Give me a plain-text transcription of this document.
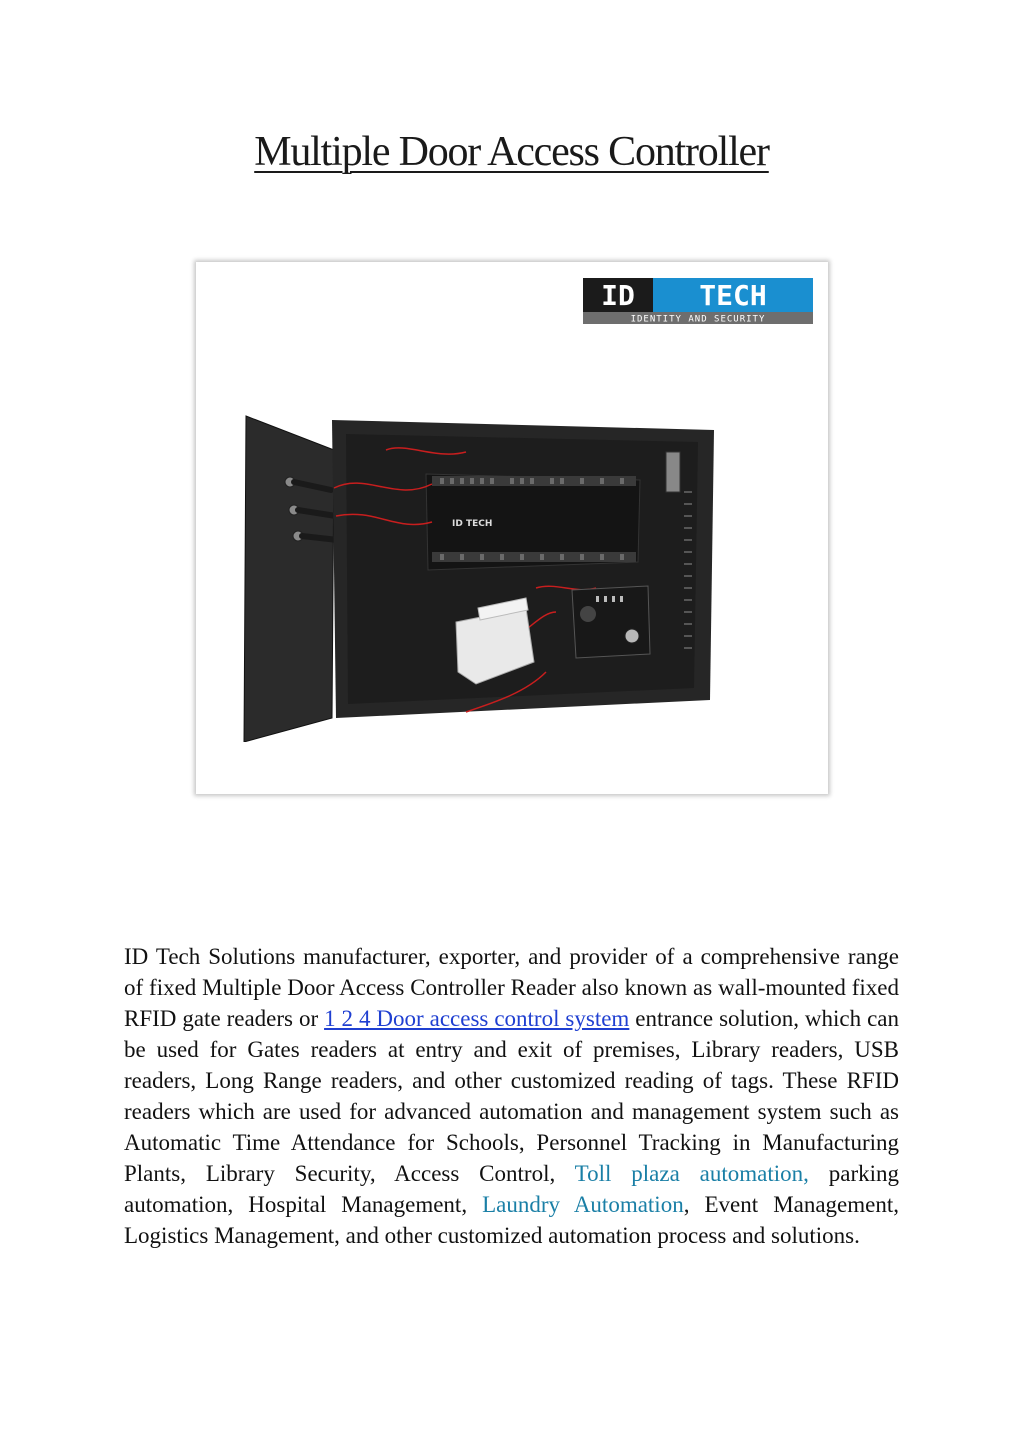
Multiple Door Access Controller
ID TECH
IDENTITY AND SECURITY
ID TECH
ID Tech Solutions manufacturer, exporter, and provider of a comprehensive range of fixed Multiple Door Access Controller Reader also known as wall-mounted fixed RFID gate readers or 1 2 4 Door access control system entrance solution, which can be used for Gates readers at entry and exit of premises, Library readers, USB readers, Long Range readers, and other customized reading of tags. These RFID readers which are used for advanced automation and management system such as Automatic Time Attendance for Schools, Personnel Tracking in Manufacturing Plants, Library Security, Access Control, Toll plaza automation, parking automation, Hospital Management, Laundry Automation, Event Management, Logistics Management, and other customized automation process and solutions.
